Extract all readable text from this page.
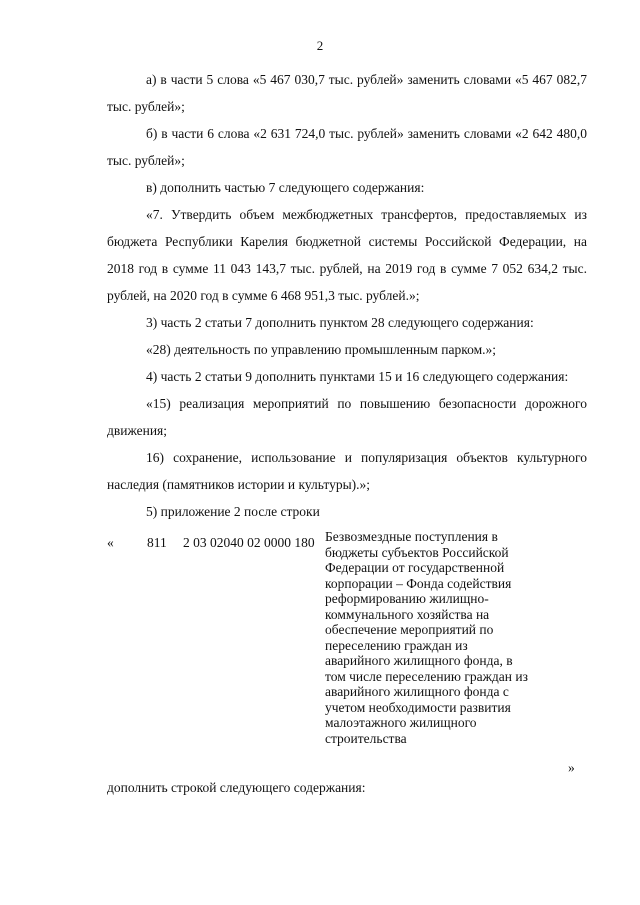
2

а) в части 5 слова «5 467 030,7 тыс. рублей» заменить словами «5 467 082,7 тыс. рублей»;

б) в части 6 слова «2 631 724,0 тыс. рублей» заменить словами «2 642 480,0 тыс. рублей»;

в) дополнить частью 7 следующего содержания:

«7. Утвердить объем межбюджетных трансфертов, предоставляемых из бюджета Республики Карелия бюджетной системы Российской Федерации, на 2018 год в сумме 11 043 143,7 тыс. рублей, на 2019 год в сумме 7 052 634,2 тыс. рублей, на 2020 год в сумме 6 468 951,3 тыс. рублей.»;

3) часть 2 статьи 7 дополнить пунктом 28 следующего содержания:

«28) деятельность по управлению промышленным парком.»;

4) часть 2 статьи 9 дополнить пунктами 15 и 16 следующего содержания:

«15) реализация мероприятий по повышению безопасности дорожного движения;

16) сохранение, использование и популяризация объектов культурного наследия (памятников истории и культуры).»;

5) приложение 2 после строки

« 811 2 03 02040 02 0000 180 Безвозмездные поступления в
бюджеты субъектов Российской
Федерации от государственной
корпорации – Фонда содействия
реформированию жилищно-
коммунального хозяйства на
обеспечение мероприятий по
переселению граждан из
аварийного жилищного фонда, в
том числе переселению граждан из
аварийного жилищного фонда с
учетом необходимости развития
малоэтажного жилищного
строительства
»

дополнить строкой следующего содержания:
